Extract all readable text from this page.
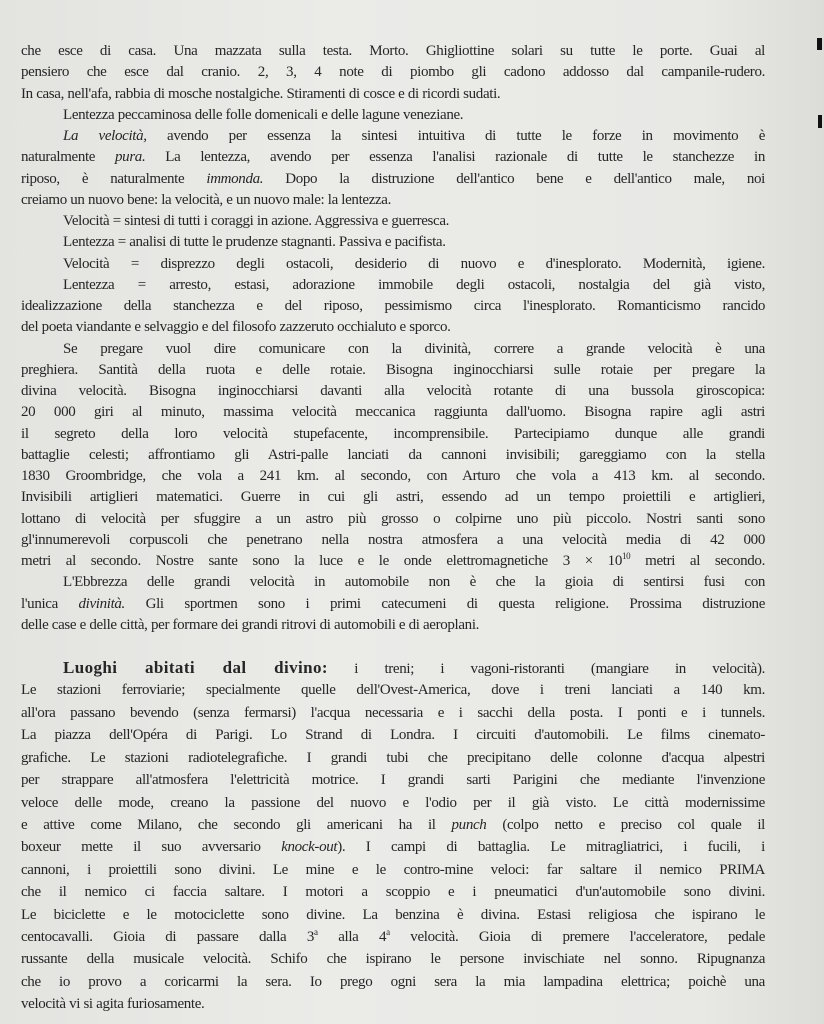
che esce di casa. Una mazzata sulla testa. Morto. Ghigliottine solari su tutte le porte. Guai al
pensiero che esce dal cranio. 2, 3, 4 note di piombo gli cadono addosso dal campanile-rudero.
In casa, nell'afa, rabbia di mosche nostalgiche. Stiramenti di cosce e di ricordi sudati.
Lentezza peccaminosa delle folle domenicali e delle lagune veneziane.
La velocità, avendo per essenza la sintesi intuitiva di tutte le forze in movimento è
naturalmente pura. La lentezza, avendo per essenza l'analisi razionale di tutte le stanchezze in
riposo, è naturalmente immonda. Dopo la distruzione dell'antico bene e dell'antico male, noi
creiamo un nuovo bene: la velocità, e un nuovo male: la lentezza.
Velocità = sintesi di tutti i coraggi in azione. Aggressiva e guerresca.
Lentezza = analisi di tutte le prudenze stagnanti. Passiva e pacifista.
Velocità = disprezzo degli ostacoli, desiderio di nuovo e d'inesplorato. Modernità, igiene.
Lentezza = arresto, estasi, adorazione immobile degli ostacoli, nostalgia del già visto,
idealizzazione della stanchezza e del riposo, pessimismo circa l'inesplorato. Romanticismo rancido
del poeta viandante e selvaggio e del filosofo zazzeruto occhialuto e sporco.
Se pregare vuol dire comunicare con la divinità, correre a grande velocità è una
preghiera. Santità della ruota e delle rotaie. Bisogna inginocchiarsi sulle rotaie per pregare la
divina velocità. Bisogna inginocchiarsi davanti alla velocità rotante di una bussola giroscopica:
20 000 giri al minuto, massima velocità meccanica raggiunta dall'uomo. Bisogna rapire agli astri
il segreto della loro velocità stupefacente, incomprensibile. Partecipiamo dunque alle grandi
battaglie celesti; affrontiamo gli Astri-palle lanciati da cannoni invisibili; gareggiamo con la stella
1830 Groombridge, che vola a 241 km. al secondo, con Arturo che vola a 413 km. al secondo.
Invisibili artiglieri matematici. Guerre in cui gli astri, essendo ad un tempo proiettili e artiglieri,
lottano di velocità per sfuggire a un astro più grosso o colpirne uno più piccolo. Nostri santi sono
gl'innumerevoli corpuscoli che penetrano nella nostra atmosfera a una velocità media di 42 000
metri al secondo. Nostre sante sono la luce e le onde elettromagnetiche $3 \times 10^{10}$ metri al secondo.
L'Ebbrezza delle grandi velocità in automobile non è che la gioia di sentirsi fusi con
l'unica divinità. Gli sportmen sono i primi catecumeni di questa religione. Prossima distruzione
delle case e delle città, per formare dei grandi ritrovi di automobili e di aeroplani.
Luoghi abitati dal divino: i treni; i vagoni-ristoranti (mangiare in velocità).
Le stazioni ferroviarie; specialmente quelle dell'Ovest-America, dove i treni lanciati a 140 km.
all'ora passano bevendo (senza fermarsi) l'acqua necessaria e i sacchi della posta. I ponti e i tunnels.
La piazza dell'Opéra di Parigi. Lo Strand di Londra. I circuiti d'automobili. Le films cinemato-
grafiche. Le stazioni radiotelegrafiche. I grandi tubi che precipitano delle colonne d'acqua alpestri
per strappare all'atmosfera l'elettricità motrice. I grandi sarti Parigini che mediante l'invenzione
veloce delle mode, creano la passione del nuovo e l'odio per il già visto. Le città modernissime
e attive come Milano, che secondo gli americani ha il punch (colpo netto e preciso col quale il
boxeur mette il suo avversario knock-out). I campi di battaglia. Le mitragliatrici, i fucili, i
cannoni, i proiettili sono divini. Le mine e le contro-mine veloci: far saltare il nemico PRIMA
che il nemico ci faccia saltare. I motori a scoppio e i pneumatici d'un'automobile sono divini.
Le biciclette e le motociclette sono divine. La benzina è divina. Estasi religiosa che ispirano le
centocavalli. Gioia di passare dalla 3$^a$ alla 4$^a$ velocità. Gioia di premere l'acceleratore, pedale
russante della musicale velocità. Schifo che ispirano le persone invischiate nel sonno. Ripugnanza
che io provo a coricarmi la sera. Io prego ogni sera la mia lampadina elettrica; poichè una
velocità vi si agita furiosamente.
